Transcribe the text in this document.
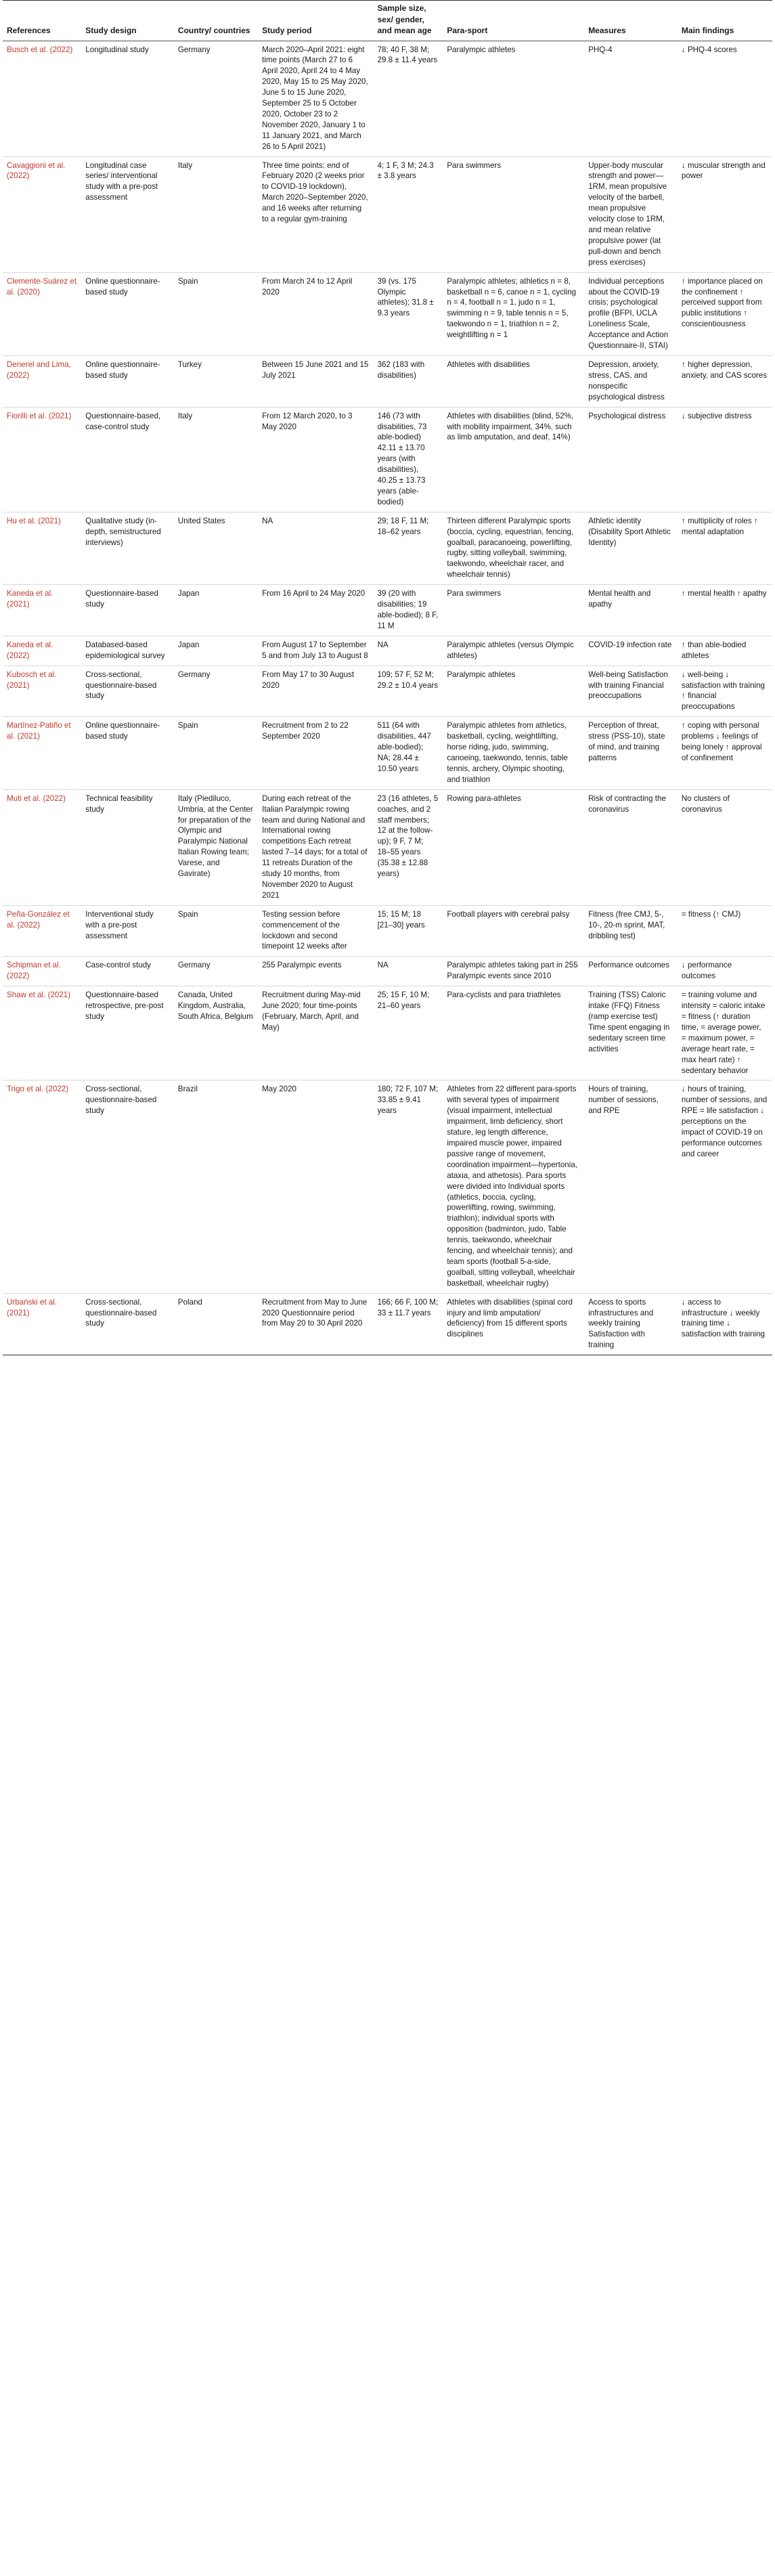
References	Study design	Country/ countries	Study period	Sample size, sex/ gender, and mean age	Para-sport	Measures	Main findings
Busch et al. (2022)	Longitudinal study	Germany	March 2020–April 2021: eight time points (March 27 to 6 April 2020, April 24 to 4 May 2020, May 15 to 25 May 2020, June 5 to 15 June 2020, September 25 to 5 October 2020, October 23 to 2 November 2020, January 1 to 11 January 2021, and March 26 to 5 April 2021)	78; 40 F, 38 M; 29.8 ± 11.4 years	Paralympic athletes	PHQ-4	↓ PHQ-4 scores
Cavaggioni et al. (2022)	Longitudinal case series/ interventional study with a pre-post assessment	Italy	Three time points: end of February 2020 (2 weeks prior to COVID-19 lockdown), March 2020–September 2020, and 16 weeks after returning to a regular gym-training	4; 1 F, 3 M; 24.3 ± 3.8 years	Para swimmers	Upper-body muscular strength and power—1RM, mean propulsive velocity of the barbell, mean propulsive velocity close to 1RM, and mean relative propulsive power (lat pull-down and bench press exercises)	↓ muscular strength and power
Clemente-Suárez et al. (2020)	Online questionnaire-based study	Spain	From March 24 to 12 April 2020	39 (vs. 175 Olympic athletes); 31.8 ± 9.3 years	Paralympic athletes; athletics n = 8, basketball n = 6, canoe n = 1, cycling n = 4, football n = 1, judo n = 1, swimming n = 9, table tennis n = 5, taekwondo n = 1, triathlon n = 2, weightlifting n = 1	Individual perceptions about the COVID-19 crisis; psychological profile (BFPI, UCLA Loneliness Scale, Acceptance and Action Questionnaire-II, STAI)	↑ importance placed on the confinement ↑ perceived support from public institutions ↑ conscientiousness
Denerel and Lima, (2022)	Online questionnaire-based study	Turkey	Between 15 June 2021 and 15 July 2021	362 (183 with disabilities)	Athletes with disabilities	Depression, anxiety, stress, CAS, and nonspecific psychological distress	↑ higher depression, anxiety, and CAS scores
Fiorilli et al. (2021)	Questionnaire-based, case-control study	Italy	From 12 March 2020, to 3 May 2020	146 (73 with disabilities, 73 able-bodied) 42.11 ± 13.70 years (with disabilities), 40.25 ± 13.73 years (able-bodied)	Athletes with disabilities (blind, 52%, with mobility impairment, 34%, such as limb amputation, and deaf, 14%)	Psychological distress	↓ subjective distress
Hu et al. (2021)	Qualitative study (in-depth, semistructured interviews)	United States	NA	29; 18 F, 11 M; 18–62 years	Thirteen different Paralympic sports (boccia, cycling, equestrian, fencing, goalball, paracanoeing, powerlifting, rugby, sitting volleyball, swimming, taekwondo, wheelchair racer, and wheelchair tennis)	Athletic identity (Disability Sport Athletic Identity)	↑ multiplicity of roles ↑ mental adaptation
Kaneda et al. (2021)	Questionnaire-based study	Japan	From 16 April to 24 May 2020	39 (20 with disabilities; 19 able-bodied); 8 F, 11 M	Para swimmers	Mental health and apathy	↑ mental health ↑ apathy
Kaneda et al. (2022)	Databased-based epidemiological survey	Japan	From August 17 to September 5 and from July 13 to August 8	NA	Paralympic athletes (versus Olympic athletes)	COVID-19 infection rate	↑ than able-bodied athletes
Kubosch et al. (2021)	Cross-sectional, questionnaire-based study	Germany	From May 17 to 30 August 2020	109; 57 F, 52 M; 29.2 ± 10.4 years	Paralympic athletes	Well-being Satisfaction with training Financial preoccupations	↓ well-being ↓ satisfaction with training ↑ financial preoccupations
Martínez-Patiño et al. (2021)	Online questionnaire-based study	Spain	Recruitment from 2 to 22 September 2020	511 (64 with disabilities, 447 able-bodied); NA; 28.44 ± 10.50 years	Paralympic athletes from athletics, basketball, cycling, weightlifting, horse riding, judo, swimming, canoeing, taekwondo, tennis, table tennis, archery, Olympic shooting, and triathlon	Perception of threat, stress (PSS-10), state of mind, and training patterns	↑ coping with personal problems ↓ feelings of being lonely ↑ approval of confinement
Muti et al. (2022)	Technical feasibility study	Italy (Piediluco, Umbria, at the Center for preparation of the Olympic and Paralympic National Italian Rowing team; Varese, and Gavirate)	During each retreat of the Italian Paralympic rowing team and during National and International rowing competitions Each retreat lasted 7–14 days; for a total of 11 retreats Duration of the study 10 months, from November 2020 to August 2021	23 (16 athletes, 5 coaches, and 2 staff members; 12 at the follow-up); 9 F, 7 M; 18–55 years (35.38 ± 12.88 years)	Rowing para-athletes	Risk of contracting the coronavirus	No clusters of coronavirus
Peña-González et al. (2022)	Interventional study with a pre-post assessment	Spain	Testing session before commencement of the lockdown and second timepoint 12 weeks after	15; 15 M; 18 [21–30] years	Football players with cerebral palsy	Fitness (free CMJ, 5-, 10-, 20-m sprint, MAT, dribbling test)	= fitness (↑ CMJ)
Schipman et al. (2022)	Case-control study	Germany	255 Paralympic events	NA	Paralympic athletes taking part in 255 Paralympic events since 2010	Performance outcomes	↓ performance outcomes
Shaw et al. (2021)	Questionnaire-based retrospective, pre-post study	Canada, United Kingdom, Australia, South Africa, Belgium	Recruitment during May-mid June 2020; four time-points (February, March, April, and May)	25; 15 F, 10 M; 21–60 years	Para-cyclists and para triathletes	Training (TSS) Caloric intake (FFQ) Fitness (ramp exercise test) Time spent engaging in sedentary screen time activities	= training volume and intensity = caloric intake = fitness (↑ duration time, = average power, = maximum power, = average heart rate, = max heart rate) ↑ sedentary behavior
Trigo et al. (2022)	Cross-sectional, questionnaire-based study	Brazil	May 2020	180; 72 F, 107 M; 33.85 ± 9.41 years	Athletes from 22 different para-sports with several types of impairment (visual impairment, intellectual impairment, limb deficiency, short stature, leg length difference, impaired muscle power, impaired passive range of movement, coordination impairment—hypertonia, ataxia, and athetosis). Para sports were divided into Individual sports (athletics, boccia, cycling, powerlifting, rowing, swimming, triathlon); individual sports with opposition (badminton, judo, Table tennis, taekwondo, wheelchair fencing, and wheelchair tennis); and team sports (football 5-a-side, goalball, sitting volleyball, wheelchair basketball, wheelchair rugby)	Hours of training, number of sessions, and RPE	↓ hours of training, number of sessions, and RPE = life satisfaction ↓ perceptions on the impact of COVID-19 on performance outcomes and career
Urbański et al. (2021)	Cross-sectional, questionnaire-based study	Poland	Recruitment from May to June 2020 Questionnaire period from May 20 to 30 April 2020	166; 66 F, 100 M; 33 ± 11.7 years	Athletes with disabilities (spinal cord injury and limb amputation/ deficiency) from 15 different sports disciplines	Access to sports infrastructures and weekly training Satisfaction with training	↓ access to infrastructure ↓ weekly training time ↓ satisfaction with training
